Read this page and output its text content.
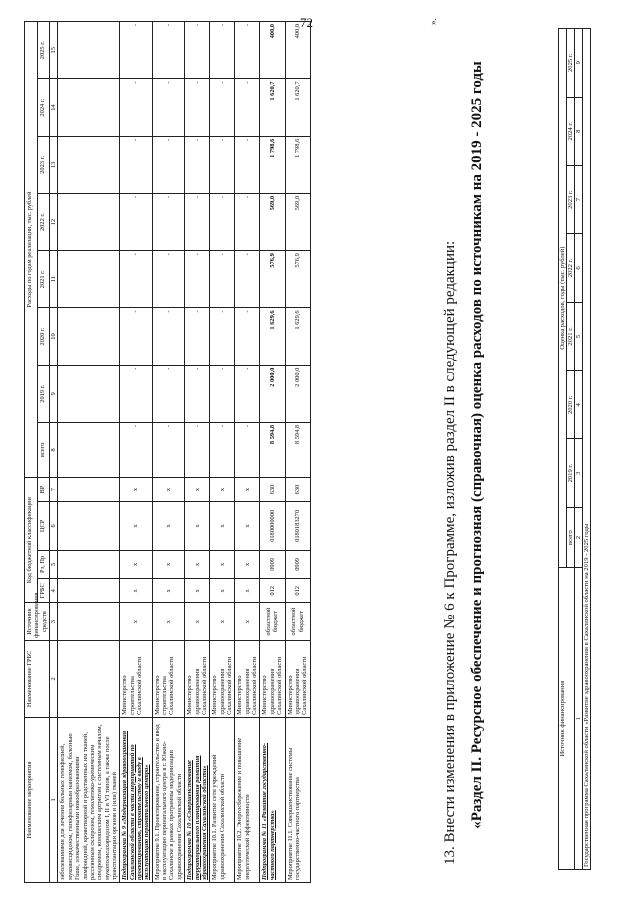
72
Наименование мероприятия	Наименование ГРБС	Источник финансирования средств	Код бюджетной классификации				Расходы по годам реализации, тыс. рублей							
			ГРБС	Рз, Пр	ЦСР	ВР	всего	2019 г.	2020 г.	2021 г.	2022 г.	2023 г.	2024 г.	2025 г.
1	2	3	4	5	6	7	8	9	10	11	12	13	14	15
заболеваниями для лечения больных гемофилией, муковисцидозом, гипофизарным нанизмом, болезнью Гоше, злокачественными новообразованиями лимфоидной, кроветворной и родственных им тканей, рассеянным склерозом, гемолитико-уремическим синдромом, юношеским артритом с системным началом, мукополисахаридозом I, II и VI типов, а также после трансплантации органов и (или) тканей														
Подпрограмма № 9 «Модернизация здравоохранения Сахалинской области в части мероприятий по проектированию, строительству и вводу в эксплуатацию перинатального центра»	Министерство строительства Сахалинской области	х	х	х	х	х	-	-	-	-	-	-	-	-
Мероприятие 9.1. Проектирование, строительство и ввод в эксплуатацию перинатального центра в г. Южно-Сахалинске в рамках программы модернизации здравоохранения Сахалинской области	Министерство строительства Сахалинской области	х	х	х	х	х	-	-	-	-	-	-	-	-
Подпрограмма № 10 «Совершенствование территориального планирования развития здравоохранения Сахалинской области»	Министерство здравоохранения Сахалинской области	х	х	х	х	х	-	-	-	-	-	-	-	-
Мероприятие 10.1. Развитие сети учреждений здравоохранения Сахалинской области	Министерство здравоохранения Сахалинской области	х	х	х	х	х	-	-	-	-	-	-	-	-
Мероприятие 10.2. Энергосбережение и повышение энергетической эффективности	Министерство здравоохранения Сахалинской области	х	х	х	х	х	-	-	-	-	-	-	-	-
Подпрограмма № 11 «Развитие государственно-частного партнерства»	Министерство здравоохранения Сахалинской области	областной бюджет	012	0909	0180000000	630	8 594,8	2 000,0	1 629,6	576,9	569,0	1 798,6	1 620,7	400,0
Мероприятие 11.1. Совершенствование системы государственно-частного партнерства	Министерство здравоохранения Сахалинской области	областной бюджет	012	0909	0180183270	630	8 594,8	2 000,0	1 629,6	576,9	569,0	1 798,6	1 620,7	400,0
».
13. Внести изменения в приложение № 6 к Программе, изложив раздел II в следующей редакции: «Раздел II. Ресурсное обеспечение и прогнозная (справочная) оценка расходов по источникам на 2019 - 2025 годы	Источник финансирования	Оценка расходов, годы (тыс. рублей)							
	всего	2019 г.	2020 г.	2021 г.	2022 г.	2023 г.	2024 г.	2025 г.
1	2	3	4	5	6	7	8	9
Государственная программа Сахалинской области «Развитие здравоохранения в Сахалинской области на 2019 - 2025 годы								
